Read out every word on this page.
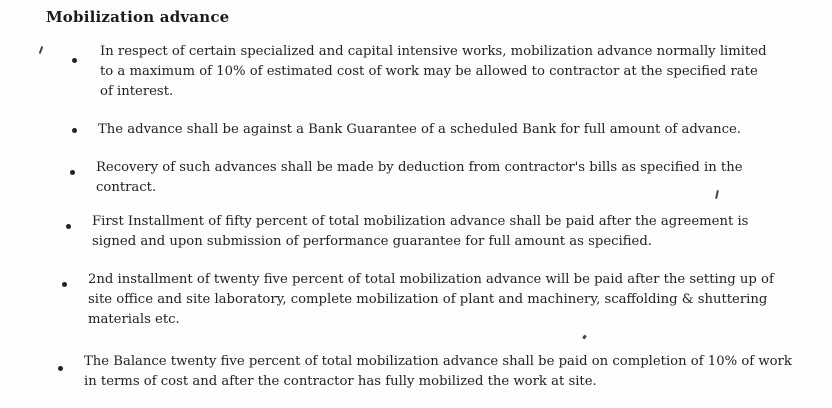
Mobilization advance
In respect of certain specialized and capital intensive works, mobilization advance normally limited to a maximum of 10% of estimated cost of work may be allowed to contractor at the specified rate of interest.
The advance shall be against a Bank Guarantee of a scheduled Bank for full amount of advance.
Recovery of such advances shall be made by deduction from contractor's bills as specified in the contract.
First Installment of fifty percent of total mobilization advance shall be paid after the agreement is signed and upon submission of performance guarantee for full amount as specified.
2nd installment of twenty five percent of total mobilization advance will be paid after the setting up of site office and site laboratory, complete mobilization of plant and machinery, scaffolding & shuttering materials etc.
The Balance twenty five percent of total mobilization advance shall be paid on completion of 10% of work in terms of cost and after the contractor has fully mobilized the work at site.
